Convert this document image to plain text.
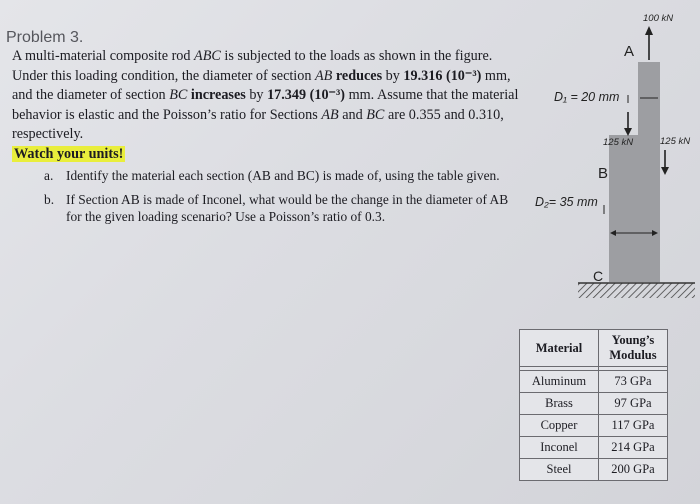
Problem 3.
A multi-material composite rod ABC is subjected to the loads as shown in the figure. Under this loading condition, the diameter of section AB reduces by 19.316 (10⁻³) mm, and the diameter of section BC increases by 17.349 (10⁻³) mm. Assume that the material behavior is elastic and the Poisson’s ratio for Sections AB and BC are 0.355 and 0.310, respectively.
Watch your units!
a. Identify the material each section (AB and BC) is made of, using the table given.
b. If Section AB is made of Inconel, what would be the change in the diameter of AB for the given loading scenario? Use a Poisson’s ratio of 0.3.
100 kN
A
D₁ = 20 mm
125 kN	125 kN
B
D₂= 35 mm
C
Material	Young’s Modulus

Aluminum	73 GPa
Brass	97 GPa
Copper	117 GPa
Inconel	214 GPa
Steel	200 GPa
